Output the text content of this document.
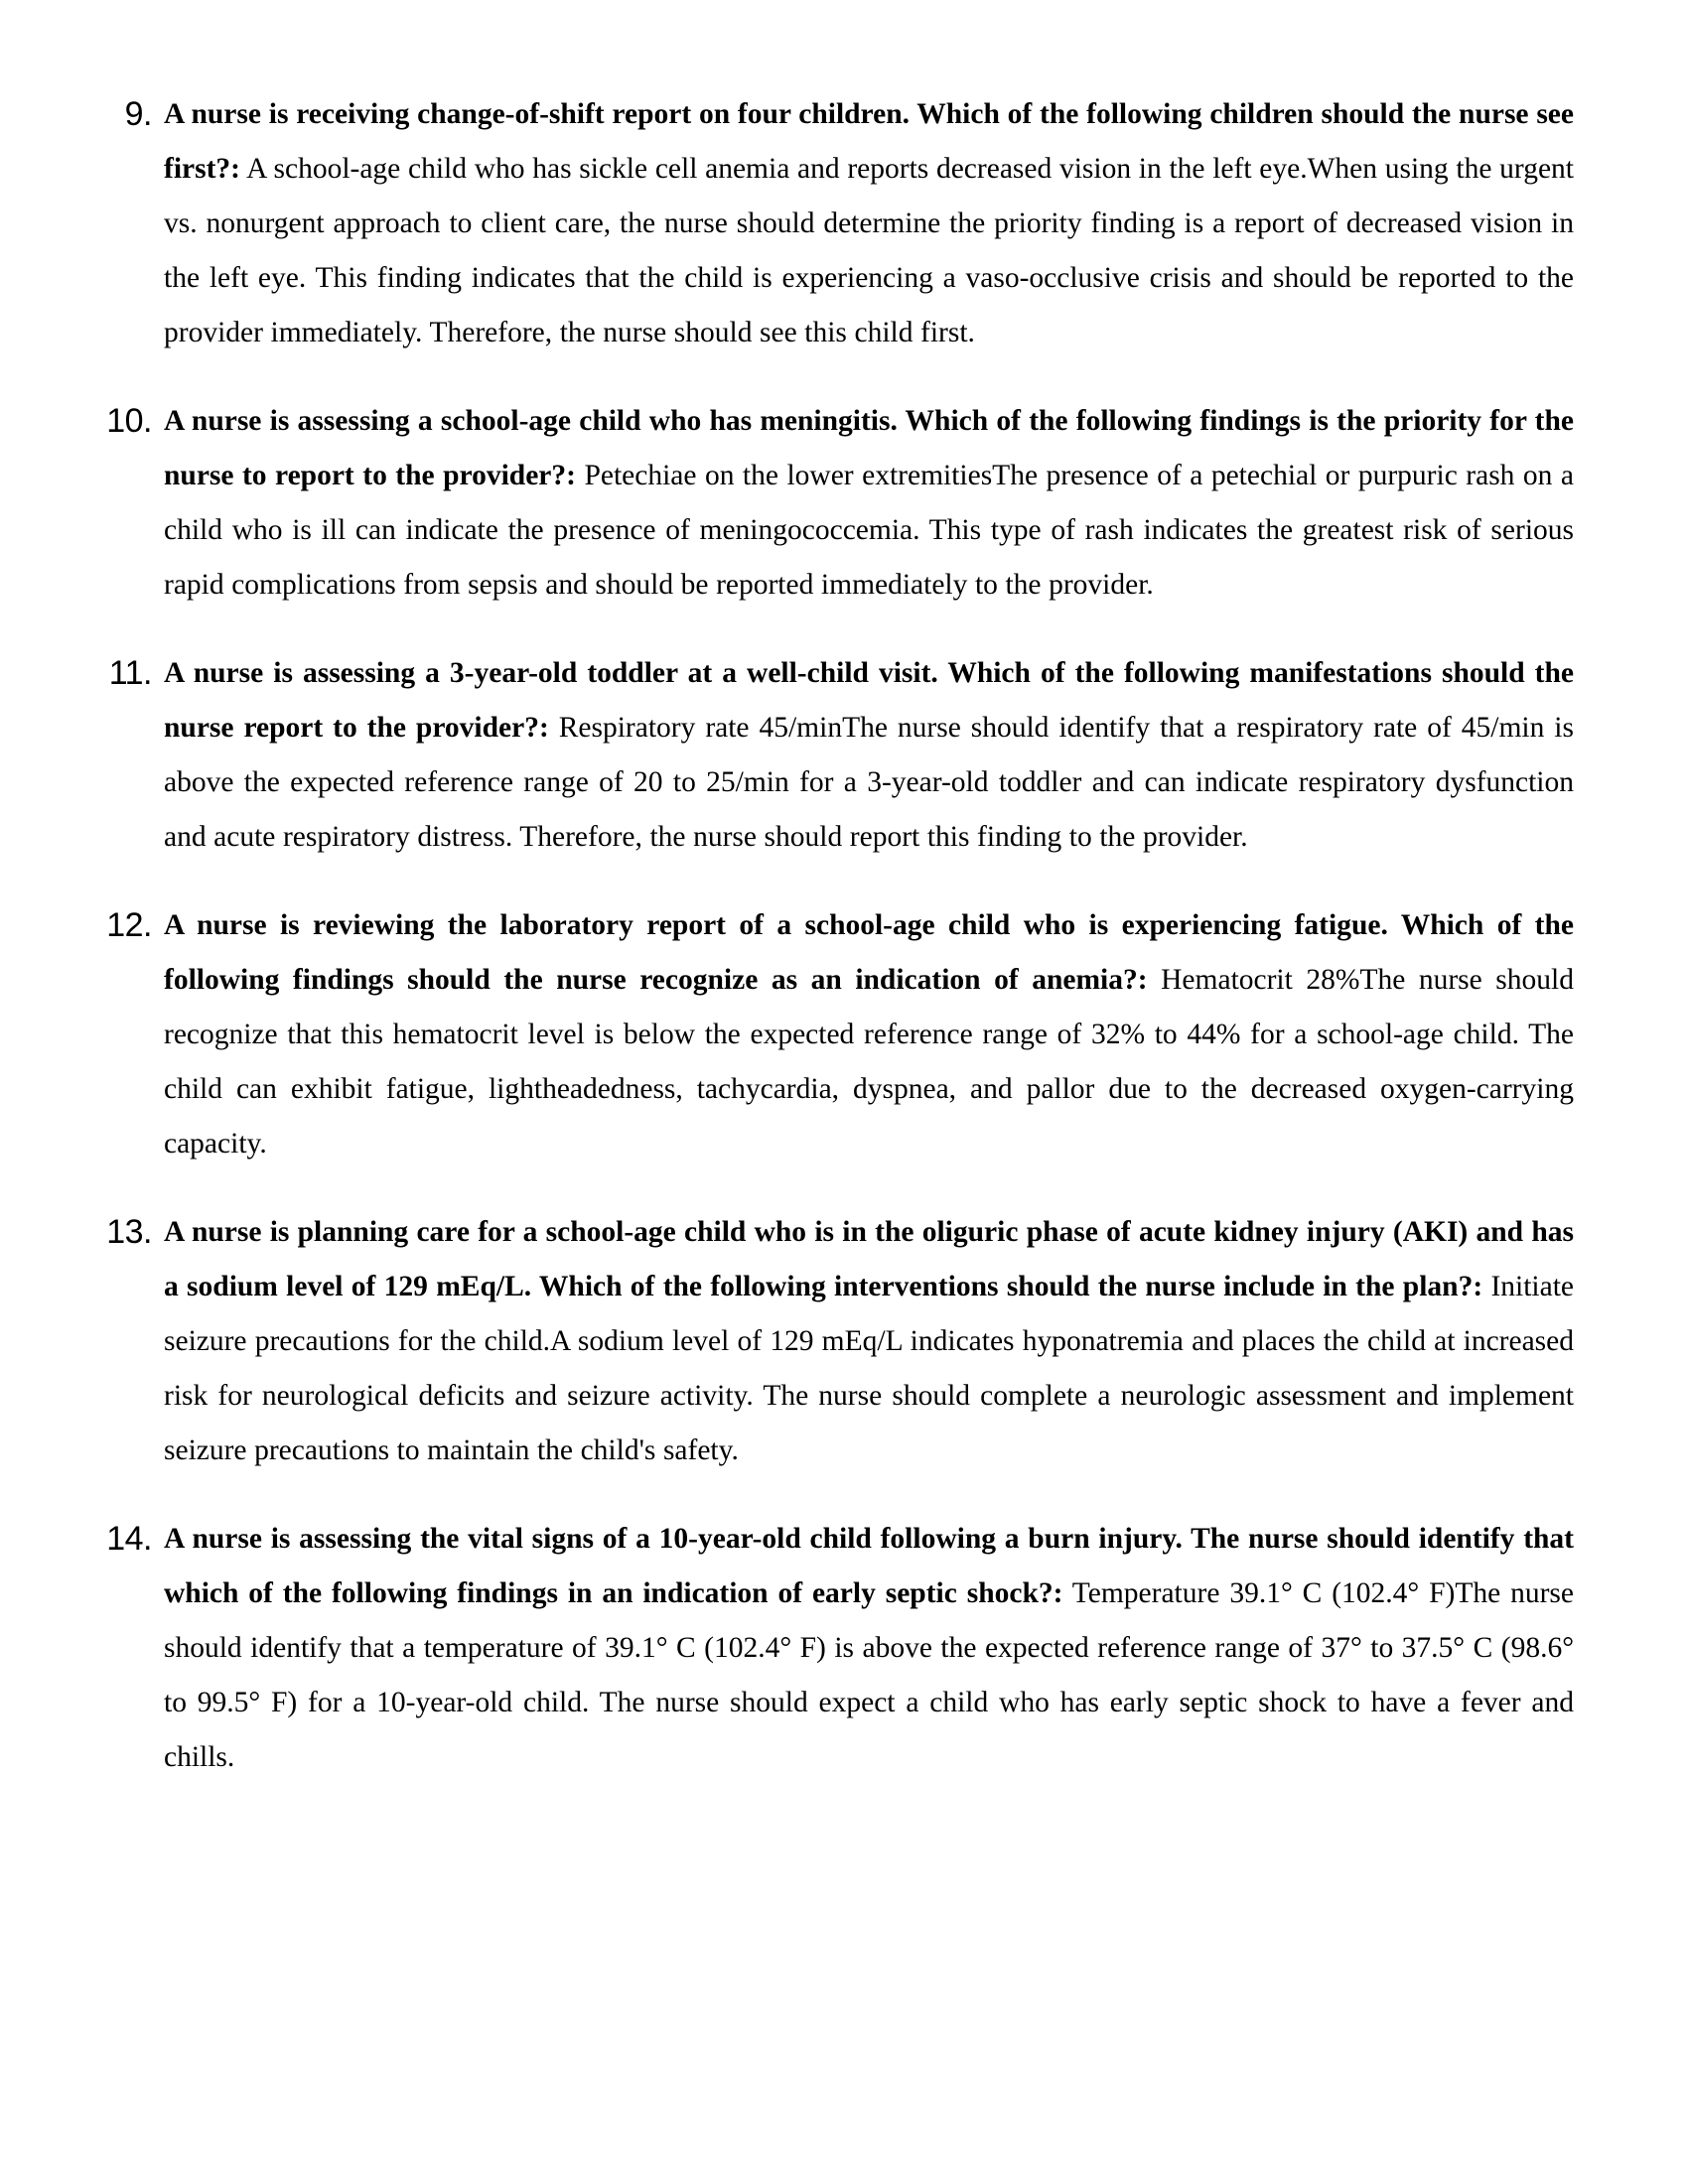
9. A nurse is receiving change-of-shift report on four children. Which of the following children should the nurse see first?: A school-age child who has sickle cell anemia and reports decreased vision in the left eye.When using the urgent vs. nonurgent approach to client care, the nurse should determine the priority finding is a report of decreased vision in the left eye. This finding indicates that the child is experiencing a vaso-occlusive crisis and should be reported to the provider immediately. Therefore, the nurse should see this child first.
10. A nurse is assessing a school-age child who has meningitis. Which of the following findings is the priority for the nurse to report to the provider?: Petechiae on the lower extremitiesThe presence of a petechial or purpuric rash on a child who is ill can indicate the presence of meningococcemia. This type of rash indicates the greatest risk of serious rapid complications from sepsis and should be reported immediately to the provider.
11. A nurse is assessing a 3-year-old toddler at a well-child visit. Which of the following manifestations should the nurse report to the provider?: Respiratory rate 45/minThe nurse should identify that a respiratory rate of 45/min is above the expected reference range of 20 to 25/min for a 3-year-old toddler and can indicate respiratory dysfunction and acute respiratory distress. Therefore, the nurse should report this finding to the provider.
12. A nurse is reviewing the laboratory report of a school-age child who is experiencing fatigue. Which of the following findings should the nurse recognize as an indication of anemia?: Hematocrit 28%The nurse should recognize that this hematocrit level is below the expected reference range of 32% to 44% for a school-age child. The child can exhibit fatigue, lightheadedness, tachycardia, dyspnea, and pallor due to the decreased oxygen-carrying capacity.
13. A nurse is planning care for a school-age child who is in the oliguric phase of acute kidney injury (AKI) and has a sodium level of 129 mEq/L. Which of the following interventions should the nurse include in the plan?: Initiate seizure precautions for the child.A sodium level of 129 mEq/L indicates hyponatremia and places the child at increased risk for neurological deficits and seizure activity. The nurse should complete a neurologic assessment and implement seizure precautions to maintain the child's safety.
14. A nurse is assessing the vital signs of a 10-year-old child following a burn injury. The nurse should identify that which of the following findings in an indication of early septic shock?: Temperature 39.1° C (102.4° F)The nurse should identify that a temperature of 39.1° C (102.4° F) is above the expected reference range of 37° to 37.5° C (98.6° to 99.5° F) for a 10-year-old child. The nurse should expect a child who has early septic shock to have a fever and chills.
